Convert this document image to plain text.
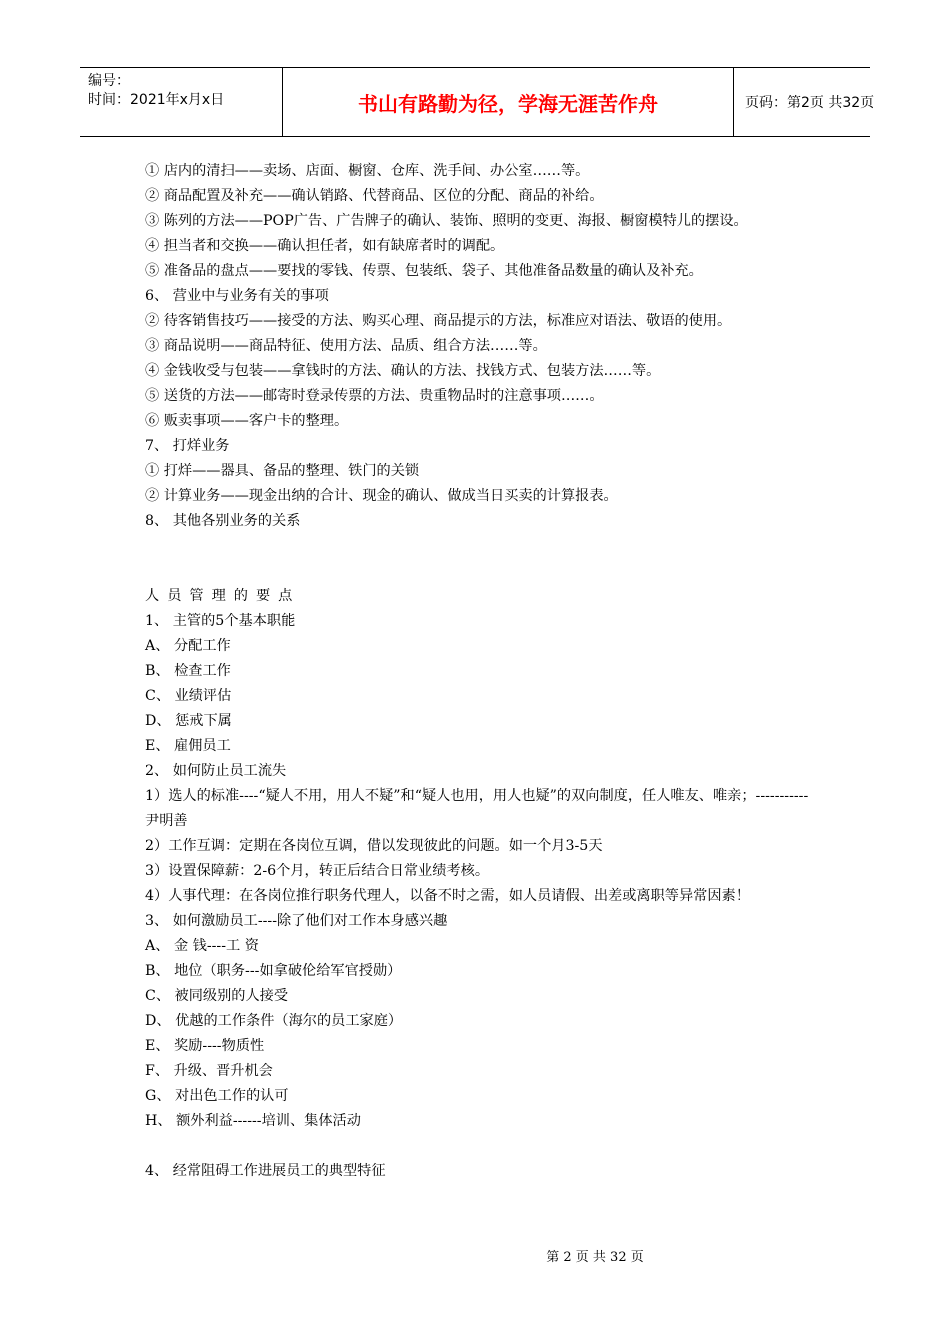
编号：
时间：2021年x月x日	书山有路勤为径，学海无涯苦作舟	页码：第2页 共32页
① 店内的清扫——卖场、店面、橱窗、仓库、洗手间、办公室……等。
② 商品配置及补充——确认销路、代替商品、区位的分配、商品的补给。
③ 陈列的方法——POP广告、广告牌子的确认、装饰、照明的变更、海报、橱窗模特儿的摆设。
④ 担当者和交换——确认担任者，如有缺席者时的调配。
⑤ 准备品的盘点——要找的零钱、传票、包装纸、袋子、其他准备品数量的确认及补充。
6、 营业中与业务有关的事项
② 待客销售技巧——接受的方法、购买心理、商品提示的方法，标准应对语法、敬语的使用。
③ 商品说明——商品特征、使用方法、品质、组合方法……等。
④ 金钱收受与包装——拿钱时的方法、确认的方法、找钱方式、包装方法……等。
⑤ 送货的方法——邮寄时登录传票的方法、贵重物品时的注意事项……。
⑥ 贩卖事项——客户卡的整理。
7、 打烊业务
① 打烊——器具、备品的整理、铁门的关锁
② 计算业务——现金出纳的合计、现金的确认、做成当日买卖的计算报表。
8、 其他各别业务的关系
人员管理的要点
1、 主管的5个基本职能
A、 分配工作
B、 检查工作
C、 业绩评估
D、 惩戒下属
E、 雇佣员工
2、 如何防止员工流失
1）选人的标准----“疑人不用，用人不疑”和“疑人也用，用人也疑”的双向制度，任人唯友、唯亲；-----------尹明善
2）工作互调：定期在各岗位互调，借以发现彼此的问题。如一个月3-5天
3）设置保障薪：2-6个月，转正后结合日常业绩考核。
4）人事代理：在各岗位推行职务代理人，以备不时之需，如人员请假、出差或离职等异常因素！
3、 如何激励员工----除了他们对工作本身感兴趣
A、 金 钱----工 资
B、 地位（职务---如拿破伦给军官授勋）
C、 被同级别的人接受
D、 优越的工作条件（海尔的员工家庭）
E、 奖励----物质性
F、 升级、晋升机会
G、 对出色工作的认可
H、 额外利益------培训、集体活动
4、 经常阻碍工作进展员工的典型特征
第 2 页 共 32 页
